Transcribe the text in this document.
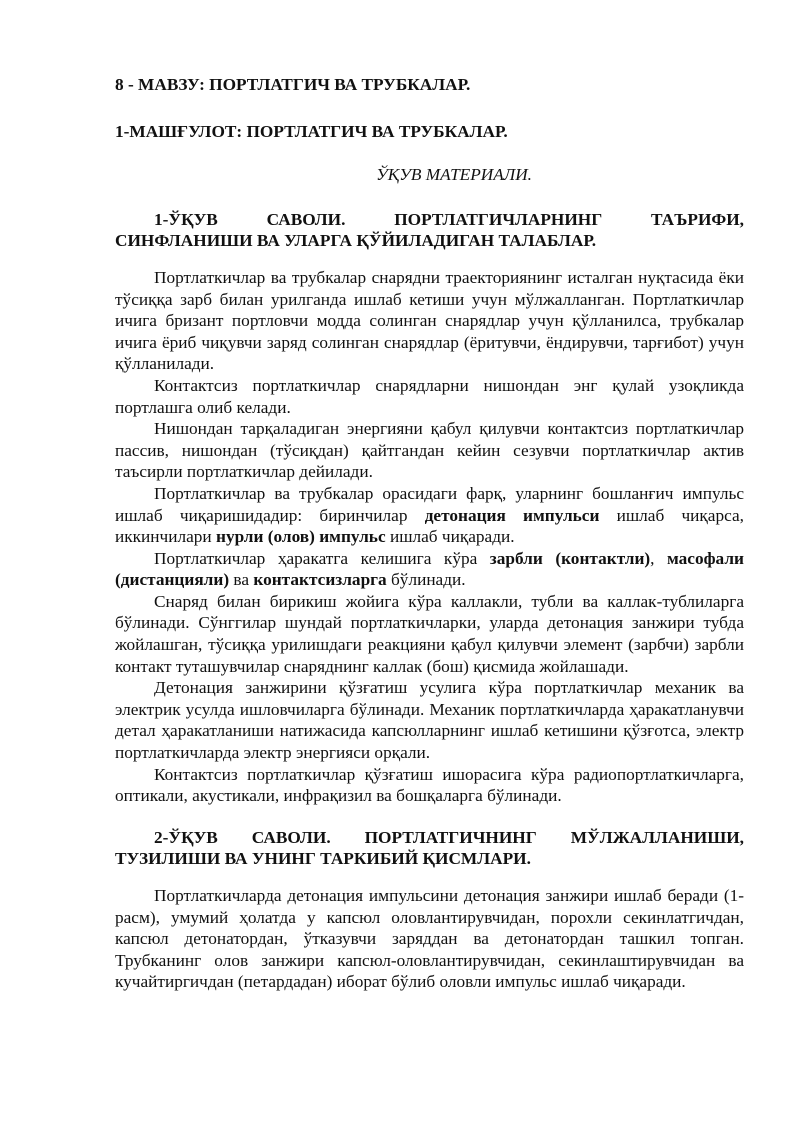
8 - МАВЗУ: ПОРТЛАТГИЧ ВА ТРУБКАЛАР.

1-МАШҒУЛОТ: ПОРТЛАТГИЧ ВА ТРУБКАЛАР.

ЎҚУВ МАТЕРИАЛИ.

1-ЎҚУВ САВОЛИ. ПОРТЛАТГИЧЛАРНИНГ ТАЪРИФИ, СИНФЛАНИШИ ВА УЛАРГА ҚЎЙИЛАДИГАН ТАЛАБЛАР.

Портлаткичлар ва трубкалар снарядни траекториянинг исталган нуқтасида ёки тўсиққа зарб билан урилганда ишлаб кетиши учун мўлжалланган. Портлаткичлар ичига бризант портловчи модда солинган снарядлар учун қўлланилса, трубкалар ичига ёриб чиқувчи заряд солинган снарядлар (ёритувчи, ёндирувчи, тарғибот) учун қўлланилади.

Контактсиз портлаткичлар снарядларни нишондан энг қулай узоқликда портлашга олиб келади.

Нишондан тарқаладиган энергияни қабул қилувчи контактсиз портлаткичлар пассив, нишондан (тўсиқдан) қайтгандан кейин сезувчи портлаткичлар актив таъсирли портлаткичлар дейилади.

Портлаткичлар ва трубкалар орасидаги фарқ, уларнинг бошланғич импульс ишлаб чиқаришидадир: биринчилар детонация импульси ишлаб чиқарса, иккинчилари нурли (олов) импульс ишлаб чиқаради.

Портлаткичлар ҳаракатга келишига кўра зарбли (контактли), масофали (дистанцияли) ва контактсизларга бўлинади.

Снаряд билан бирикиш жойига кўра каллакли, тубли ва каллак-тублиларга бўлинади. Сўнггилар шундай портлаткичларки, уларда детонация занжири тубда жойлашган, тўсиққа урилишдаги реакцияни қабул қилувчи элемент (зарбчи) зарбли контакт туташувчилар снаряднинг каллак (бош) қисмида жойлашади.

Детонация занжирини қўзғатиш усулига кўра портлаткичлар механик ва электрик усулда ишловчиларга бўлинади. Механик портлаткичларда ҳаракатланувчи детал ҳаракатланиши натижасида капсюлларнинг ишлаб кетишини қўзғотса, электр портлаткичларда электр энергияси орқали.

Контактсиз портлаткичлар қўзғатиш ишорасига кўра радиопортлаткичларга, оптикали, акустикали, инфрақизил ва бошқаларга бўлинади.

2-ЎҚУВ САВОЛИ. ПОРТЛАТГИЧНИНГ МЎЛЖАЛЛАНИШИ, ТУЗИЛИШИ ВА УНИНГ ТАРКИБИЙ ҚИСМЛАРИ.

Портлаткичларда детонация импульсини детонация занжири ишлаб беради (1-расм), умумий ҳолатда у капсюл оловлантирувчидан, порохли секинлатгичдан, капсюл детонатордан, ўтказувчи заряддан ва детонатордан ташкил топган. Трубканинг олов занжири капсюл-оловлантирувчидан, секинлаштирувчидан ва кучайтиргичдан (петардадан) иборат бўлиб оловли импульс ишлаб чиқаради.
